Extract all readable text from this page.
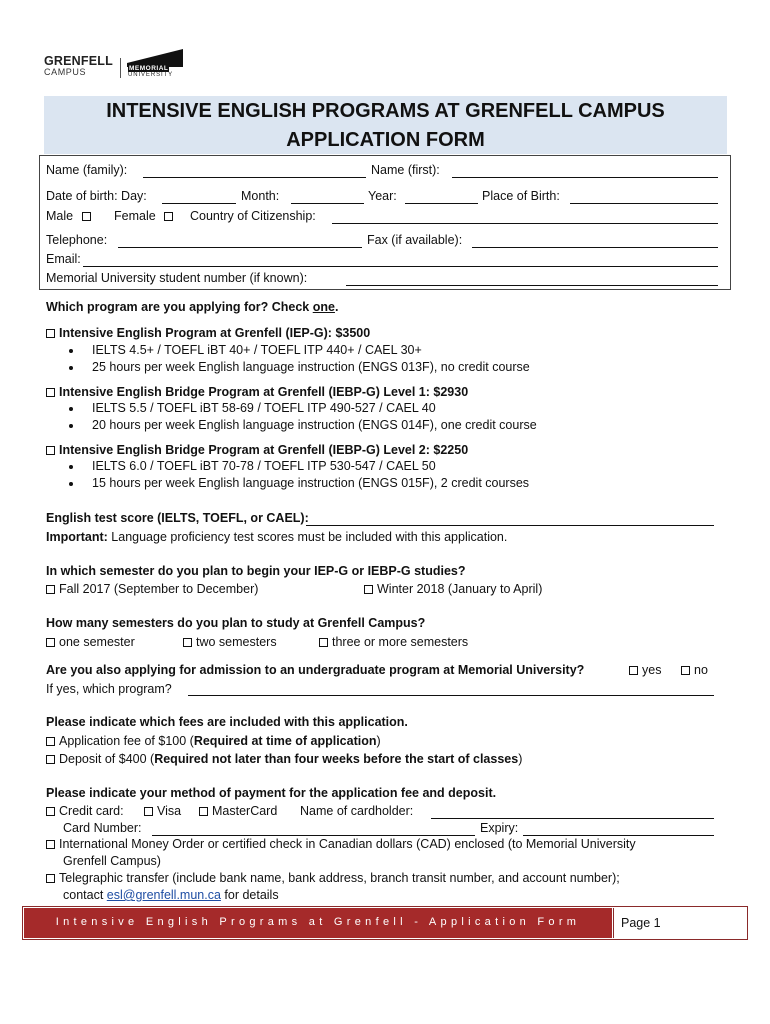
GRENFELL
CAMPUS	MEMORIAL
UNIVERSITY
INTENSIVE ENGLISH PROGRAMS AT GRENFELL CAMPUS
APPLICATION FORM
Name (family):	Name (first):
Date of birth: Day:	Month:	Year:	Place of Birth:
Male	Female	Country of Citizenship:
Telephone:	Fax (if available):
Email:
Memorial University student number (if known):
Which program are you applying for? Check one.
Intensive English Program at Grenfell (IEP-G): $3500
IELTS 4.5+ / TOEFL iBT 40+ / TOEFL ITP 440+ / CAEL 30+
25 hours per week English language instruction (ENGS 013F), no credit course
Intensive English Bridge Program at Grenfell (IEBP-G) Level 1: $2930
IELTS 5.5 / TOEFL iBT 58-69 / TOEFL ITP 490-527 / CAEL 40
20 hours per week English language instruction (ENGS 014F), one credit course
Intensive English Bridge Program at Grenfell (IEBP-G) Level 2: $2250
IELTS 6.0 / TOEFL iBT 70-78 / TOEFL ITP 530-547 / CAEL 50
15 hours per week English language instruction (ENGS 015F), 2 credit courses
English test score (IELTS, TOEFL, or CAEL):
Important: Language proficiency test scores must be included with this application.
In which semester do you plan to begin your IEP-G or IEBP-G studies?
Fall 2017 (September to December)	Winter 2018 (January to April)
How many semesters do you plan to study at Grenfell Campus?
one semester	two semesters	three or more semesters
Are you also applying for admission to an undergraduate program at Memorial University?	yes	no
If yes, which program?
Please indicate which fees are included with this application.
Application fee of $100 (Required at time of application)
Deposit of $400 (Required not later than four weeks before the start of classes)
Please indicate your method of payment for the application fee and deposit.
Credit card:	Visa	MasterCard Name of cardholder:
Card Number:	Expiry:
International Money Order or certified check in Canadian dollars (CAD) enclosed (to Memorial University
Grenfell Campus)
Telegraphic transfer (include bank name, bank address, branch transit number, and account number);
contact esl@grenfell.mun.ca for details
Intensive English Programs at Grenfell - Application Form	Page 1
